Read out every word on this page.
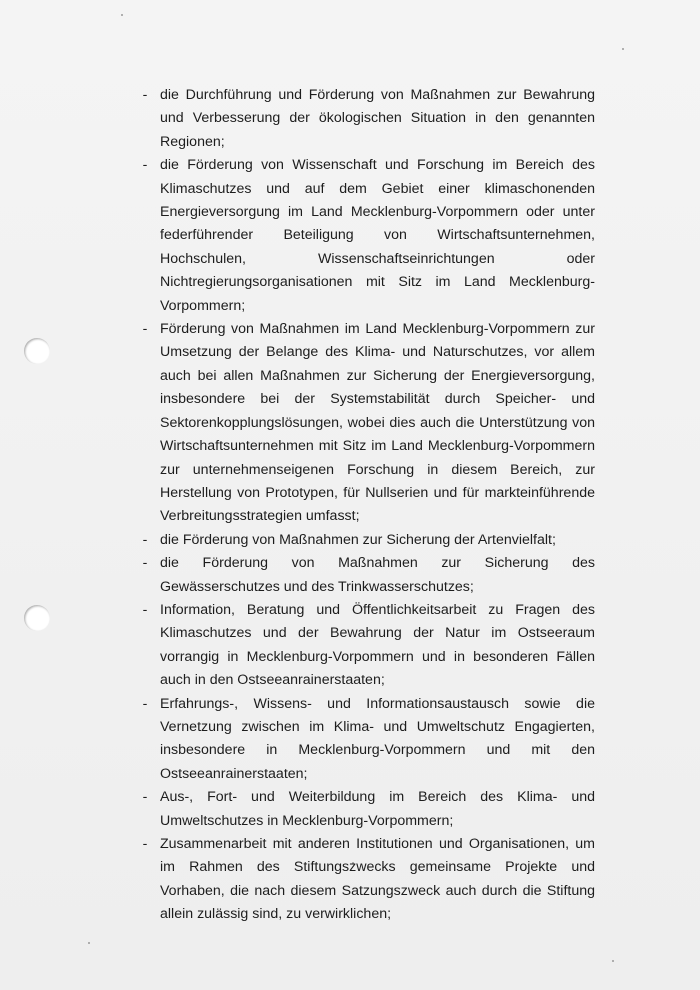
- die Durchführung und Förderung von Maßnahmen zur Bewahrung und Verbesserung der ökologischen Situation in den genannten Regionen;
- die Förderung von Wissenschaft und Forschung im Bereich des Klimaschutzes und auf dem Gebiet einer klimaschonenden Energieversorgung im Land Mecklenburg-Vorpommern oder unter federführender Beteiligung von Wirtschaftsunternehmen, Hochschulen, Wissenschaftseinrichtungen oder Nichtregierungsorganisationen mit Sitz im Land Mecklenburg-Vorpommern;
- Förderung von Maßnahmen im Land Mecklenburg-Vorpommern zur Umsetzung der Belange des Klima- und Naturschutzes, vor allem auch bei allen Maßnahmen zur Sicherung der Energieversorgung, insbesondere bei der Systemstabilität durch Speicher- und Sektorenkopplungslösungen, wobei dies auch die Unterstützung von Wirtschaftsunternehmen mit Sitz im Land Mecklenburg-Vorpommern zur unternehmenseigenen Forschung in diesem Bereich, zur Herstellung von Prototypen, für Nullserien und für markteinführende Verbreitungsstrategien umfasst;
- die Förderung von Maßnahmen zur Sicherung der Artenvielfalt;
- die Förderung von Maßnahmen zur Sicherung des Gewässerschutzes und des Trinkwasserschutzes;
- Information, Beratung und Öffentlichkeitsarbeit zu Fragen des Klimaschutzes und der Bewahrung der Natur im Ostseeraum vorrangig in Mecklenburg-Vorpommern und in besonderen Fällen auch in den Ostseeanrainerstaaten;
- Erfahrungs-, Wissens- und Informationsaustausch sowie die Vernetzung zwischen im Klima- und Umweltschutz Engagierten, insbesondere in Mecklenburg-Vorpommern und mit den Ostseeanrainerstaaten;
- Aus-, Fort- und Weiterbildung im Bereich des Klima- und Umweltschutzes in Mecklenburg-Vorpommern;
- Zusammenarbeit mit anderen Institutionen und Organisationen, um im Rahmen des Stiftungszwecks gemeinsame Projekte und Vorhaben, die nach diesem Satzungszweck auch durch die Stiftung allein zulässig sind, zu verwirklichen;
